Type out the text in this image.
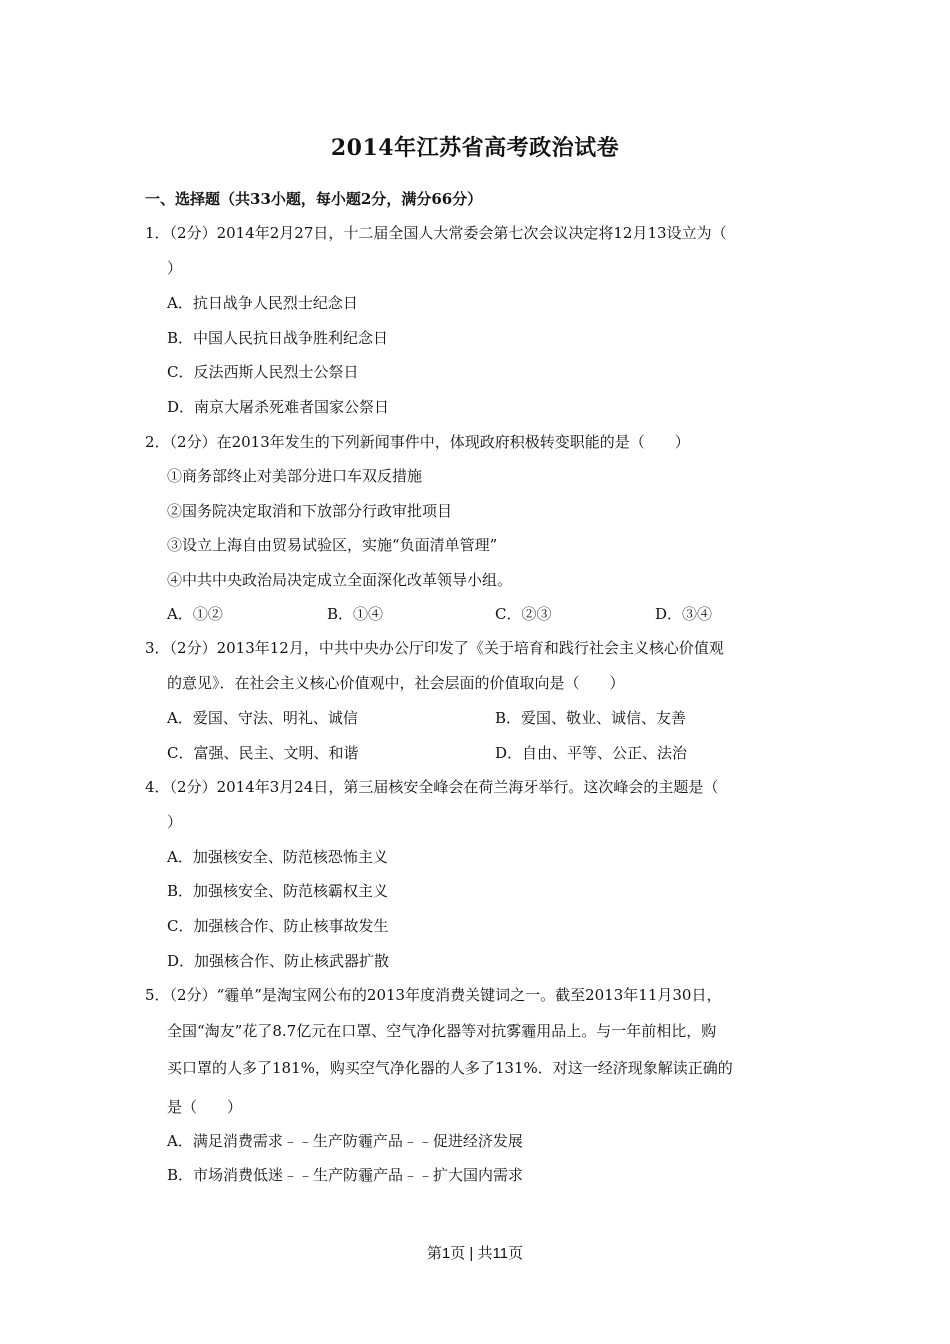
2014年江苏省高考政治试卷
一、选择题（共33小题，每小题2分，满分66分）
1．（2分）2014年2月27日，十二届全国人大常委会第七次会议决定将12月13设立为（
）
A．抗日战争人民烈士纪念日
B．中国人民抗日战争胜利纪念日
C．反法西斯人民烈士公祭日
D．南京大屠杀死难者国家公祭日
2．（2分）在2013年发生的下列新闻事件中，体现政府积极转变职能的是（　　）
①商务部终止对美部分进口车双反措施
②国务院决定取消和下放部分行政审批项目
③设立上海自由贸易试验区，实施“负面清单管理”
④中共中央政治局决定成立全面深化改革领导小组。
A．①②	B．①④	C．②③	D．③④
3．（2分）2013年12月，中共中央办公厅印发了《关于培育和践行社会主义核心价值观
的意见》．在社会主义核心价值观中，社会层面的价值取向是（　　）
A．爱国、守法、明礼、诚信	B．爱国、敬业、诚信、友善
C．富强、民主、文明、和谐	D．自由、平等、公正、法治
4．（2分）2014年3月24日，第三届核安全峰会在荷兰海牙举行。这次峰会的主题是（
）
A．加强核安全、防范核恐怖主义
B．加强核安全、防范核霸权主义
C．加强核合作、防止核事故发生
D．加强核合作、防止核武器扩散
5．（2分）“霾单”是淘宝网公布的2013年度消费关键词之一。截至2013年11月30日，
全国“淘友”花了8.7亿元在口罩、空气净化器等对抗雾霾用品上。与一年前相比，购
买口罩的人多了181%，购买空气净化器的人多了131%．对这一经济现象解读正确的
是（　　）
A．满足消费需求﹣﹣生产防霾产品﹣﹣促进经济发展
B．市场消费低迷﹣﹣生产防霾产品﹣﹣扩大国内需求
第1页 | 共11页
